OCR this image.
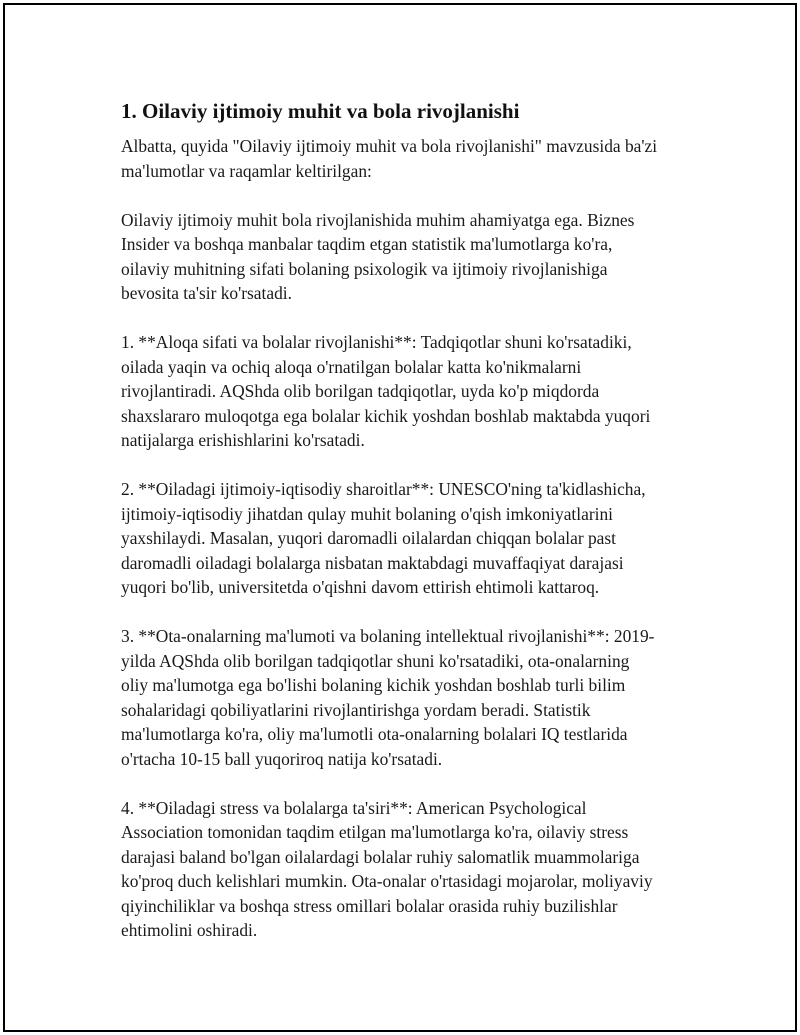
1. Oilaviy ijtimoiy muhit va bola rivojlanishi

Albatta, quyida "Oilaviy ijtimoiy muhit va bola rivojlanishi" mavzusida ba'zi
ma'lumotlar va raqamlar keltirilgan:

Oilaviy ijtimoiy muhit bola rivojlanishida muhim ahamiyatga ega. Biznes
Insider va boshqa manbalar taqdim etgan statistik ma'lumotlarga ko'ra,
oilaviy muhitning sifati bolaning psixologik va ijtimoiy rivojlanishiga
bevosita ta'sir ko'rsatadi.

1. **Aloqa sifati va bolalar rivojlanishi**: Tadqiqotlar shuni ko'rsatadiki,
oilada yaqin va ochiq aloqa o'rnatilgan bolalar katta ko'nikmalarni
rivojlantiradi. AQShda olib borilgan tadqiqotlar, uyda ko'p miqdorda
shaxslararo muloqotga ega bolalar kichik yoshdan boshlab maktabda yuqori
natijalarga erishishlarini ko'rsatadi.

2. **Oiladagi ijtimoiy-iqtisodiy sharoitlar**: UNESCO'ning ta'kidlashicha,
ijtimoiy-iqtisodiy jihatdan qulay muhit bolaning o'qish imkoniyatlarini
yaxshilaydi. Masalan, yuqori daromadli oilalardan chiqqan bolalar past
daromadli oiladagi bolalarga nisbatan maktabdagi muvaffaqiyat darajasi
yuqori bo'lib, universitetda o'qishni davom ettirish ehtimoli kattaroq.

3. **Ota-onalarning ma'lumoti va bolaning intellektual rivojlanishi**: 2019-
yilda AQShda olib borilgan tadqiqotlar shuni ko'rsatadiki, ota-onalarning
oliy ma'lumotga ega bo'lishi bolaning kichik yoshdan boshlab turli bilim
sohalaridagi qobiliyatlarini rivojlantirishga yordam beradi. Statistik
ma'lumotlarga ko'ra, oliy ma'lumotli ota-onalarning bolalari IQ testlarida
o'rtacha 10-15 ball yuqoriroq natija ko'rsatadi.

4. **Oiladagi stress va bolalarga ta'siri**: American Psychological
Association tomonidan taqdim etilgan ma'lumotlarga ko'ra, oilaviy stress
darajasi baland bo'lgan oilalardagi bolalar ruhiy salomatlik muammolariga
ko'proq duch kelishlari mumkin. Ota-onalar o'rtasidagi mojarolar, moliyaviy
qiyinchiliklar va boshqa stress omillari bolalar orasida ruhiy buzilishlar
ehtimolini oshiradi.
